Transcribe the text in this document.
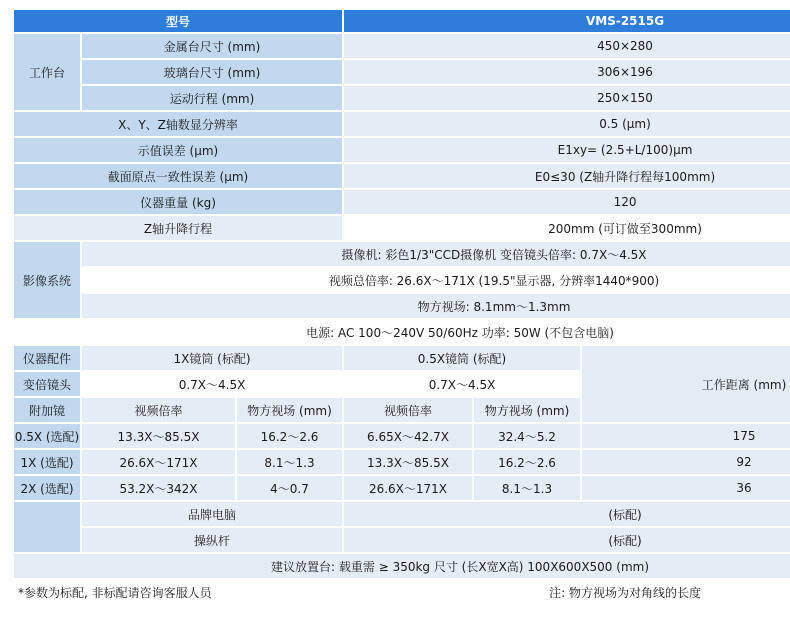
型号			VMS-2515G		
工作台	金属台尺寸 (mm)		450×280		
	玻璃台尺寸 (mm)		306×196		
	运动行程 (mm)		250×150		
X、Y、Z轴数显分辨率			0.5 (μm)		
示值误差 (μm)			E1xy= (2.5+L/100)μm		
截面原点一致性误差 (μm)			E0≤30 (Z轴升降行程每100mm)		
仪器重量 (kg)			120		
Z轴升降行程			200mm (可订做至300mm)		
影像系统	摄像机: 彩色1/3"CCD摄像机 变倍镜头倍率: 0.7X～4.5X				
	视频总倍率: 26.6X～171X (19.5"显示器, 分辨率1440*900)				
	物方视场: 8.1mm～1.3mm				
电源: AC 100～240V 50/60Hz 功率: 50W (不包含电脑)					
仪器配件	1X镜筒 (标配)		0.5X镜筒 (标配)		工作距离 (mm)
变倍镜头	0.7X～4.5X		0.7X～4.5X		
附加镜	视频倍率	物方视场 (mm)	视频倍率	物方视场 (mm)	
0.5X (选配)	13.3X～85.5X	16.2～2.6	6.65X～42.7X	32.4～5.2	175
1X (选配)	26.6X～171X	8.1～1.3	13.3X～85.5X	16.2～2.6	92
2X (选配)	53.2X～342X	4～0.7	26.6X～171X	8.1～1.3	36
	品牌电脑		(标配)		
	操纵杆		(标配)		
建议放置台: 载重需 ≥ 350kg 尺寸 (长X宽X高) 100X600X500 (mm)					
*参数为标配, 非标配请咨询客服人员			注: 物方视场为对角线的长度		
